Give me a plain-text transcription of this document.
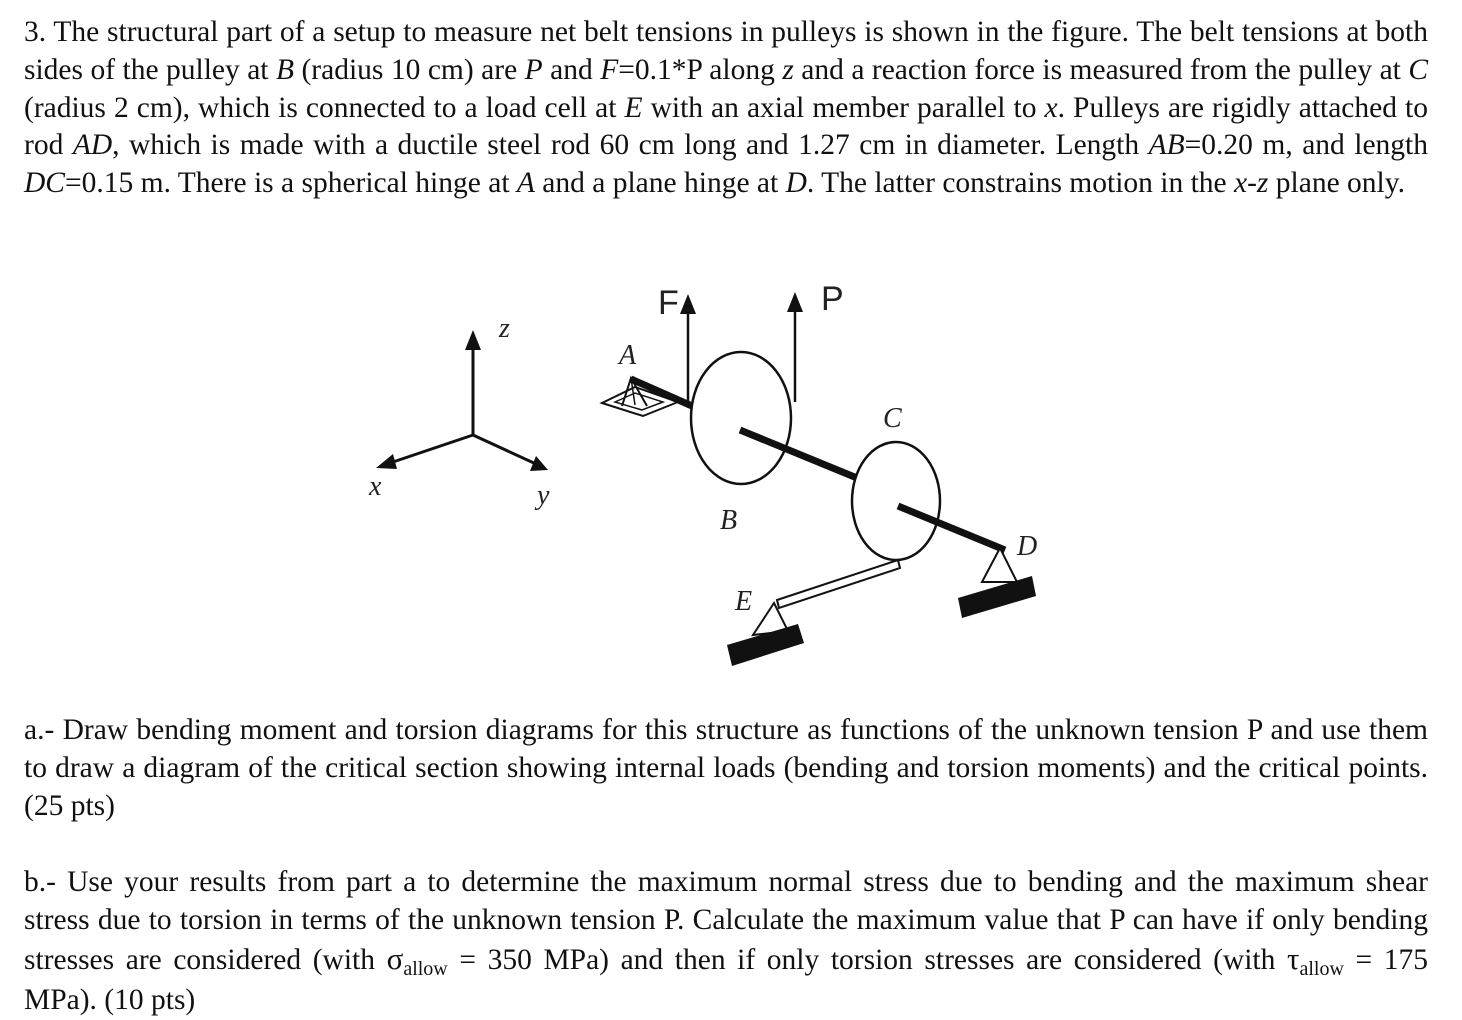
3. The structural part of a setup to measure net belt tensions in pulleys is shown in the figure. The belt tensions at both sides of the pulley at B (radius 10 cm) are P and F=0.1*P along z and a reaction force is measured from the pulley at C (radius 2 cm), which is connected to a load cell at E with an axial member parallel to x. Pulleys are rigidly attached to rod AD, which is made with a ductile steel rod 60 cm long and 1.27 cm in diameter. Length AB=0.20 m, and length DC=0.15 m. There is a spherical hinge at A and a plane hinge at D. The latter constrains motion in the x-z plane only.
z
x	y
A
F	P
C
D
E
B
a.- Draw bending moment and torsion diagrams for this structure as functions of the unknown tension P and use them to draw a diagram of the critical section showing internal loads (bending and torsion moments) and the critical points. (25 pts)
b.- Use your results from part a to determine the maximum normal stress due to bending and the maximum shear stress due to torsion in terms of the unknown tension P. Calculate the maximum value that P can have if only bending stresses are considered (with $\sigma_{allow} = 350$ MPa) and then if only torsion stresses are considered (with $\tau_{allow} = 175$ MPa). (10 pts)
